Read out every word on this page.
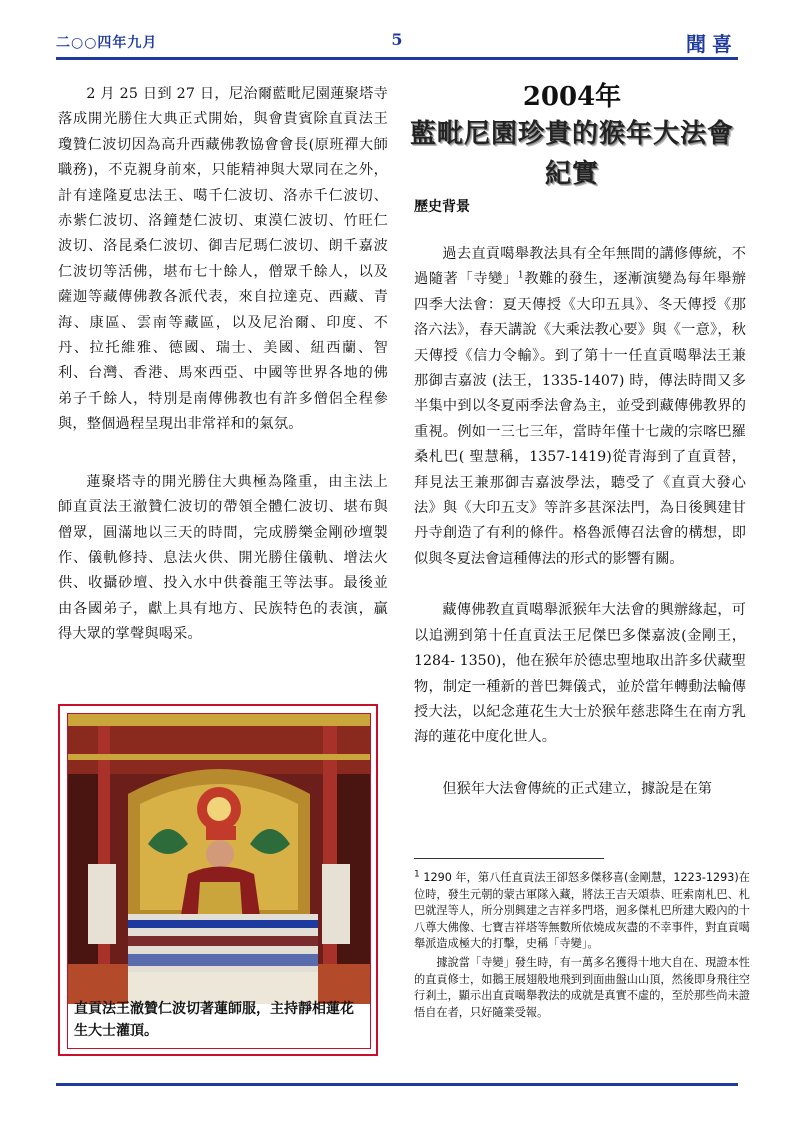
二○○四年九月	5	聞喜

2 月 25 日到 27 日，尼治爾藍毗尼園蓮聚塔寺落成開光勝住大典正式開始，與會貴賓除直貢法王瓊贊仁波切因為高升西藏佛教協會會長(原班禪大師職務)，不克親身前來，只能精神與大眾同在之外，計有達隆夏忠法王、噶千仁波切、洛赤千仁波切、赤紫仁波切、洛鐘楚仁波切、東漠仁波切、竹旺仁波切、洛昆桑仁波切、御吉尼瑪仁波切、朗千嘉波仁波切等活佛，堪布七十餘人，僧眾千餘人，以及薩迦等藏傳佛教各派代表，來自拉達克、西藏、青海、康區、雲南等藏區，以及尼治爾、印度、不丹、拉托維雅、德國、瑞士、美國、紐西蘭、智利、台灣、香港、馬來西亞、中國等世界各地的佛弟子千餘人，特別是南傳佛教也有許多僧侶全程參與，整個過程呈現出非常祥和的氣氛。

蓮聚塔寺的開光勝住大典極為隆重，由主法上師直貢法王澈贊仁波切的帶領全體仁波切、堪布與僧眾，圓滿地以三天的時間，完成勝樂金剛砂壇製作、儀軌修持、息法火供、開光勝住儀軌、增法火供、收攝砂壇、投入水中供養龍王等法事。最後並由各國弟子，獻上具有地方、民族特色的表演，贏得大眾的掌聲與喝采。

2004年
藍毗尼園珍貴的猴年大法會紀實

歷史背景

過去直貢噶舉教法具有全年無間的講修傳統，不過隨著「寺變」$^1$教難的發生，逐漸演變為每年舉辦四季大法會：夏天傳授《大印五具》、冬天傳授《那洛六法》，春天講說《大乘法教心要》與《一意》，秋天傳授《信力令輸》。到了第十一任直貢噶舉法王兼那御吉嘉波 (法王，1335-1407) 時，傳法時間又多半集中到以冬夏兩季法會為主，並受到藏傳佛教界的重視。例如一三七三年，當時年僅十七歲的宗喀巴羅桑札巴( 聖慧稱，1357-1419)從青海到了直貢替，拜見法王兼那御吉嘉波學法，聽受了《直貢大發心法》與《大印五支》等許多甚深法門，為日後興建甘丹寺創造了有利的條件。格魯派傳召法會的構想，即似與冬夏法會這種傳法的形式的影響有關。

藏傳佛教直貢噶舉派猴年大法會的興辦緣起，可以追溯到第十任直貢法王尼傑巴多傑嘉波(金剛王，1284- 1350)，他在猴年於德忠聖地取出許多伏藏聖物，制定一種新的普巴舞儀式，並於當年轉動法輪傳授大法，以紀念蓮花生大士於猴年慈悲降生在南方乳海的蓮花中度化世人。

但猴年大法會傳統的正式建立，據說是在第

$^1$ 1290 年，第八任直貢法王卻怒多傑移喜(金剛慧，1223-1293)在位時，發生元朝的蒙古軍隊入藏，將法王吉天頌恭、旺索南札巴、札巴就涅等人，所分別興建之吉祥多門塔，迥多傑札巴所建大殿內的十八尊大佛像、七寶吉祥塔等無數所依燒成灰盡的不幸事件，對直貢噶舉派造成極大的打擊，史稱「寺變」。

據說當「寺變」發生時，有一萬多名獲得十地大自在、現證本性的直貢修士，如鵝王展翅般地飛到到面曲盤山山頂，然後即身飛往空行剎土，顯示出直貢噶舉教法的成就是真實不虛的，至於那些尚未證悟自在者，只好隨業受報。

直貢法王澈贊仁波切著蓮師服，主持靜相蓮花生大士灌頂。
